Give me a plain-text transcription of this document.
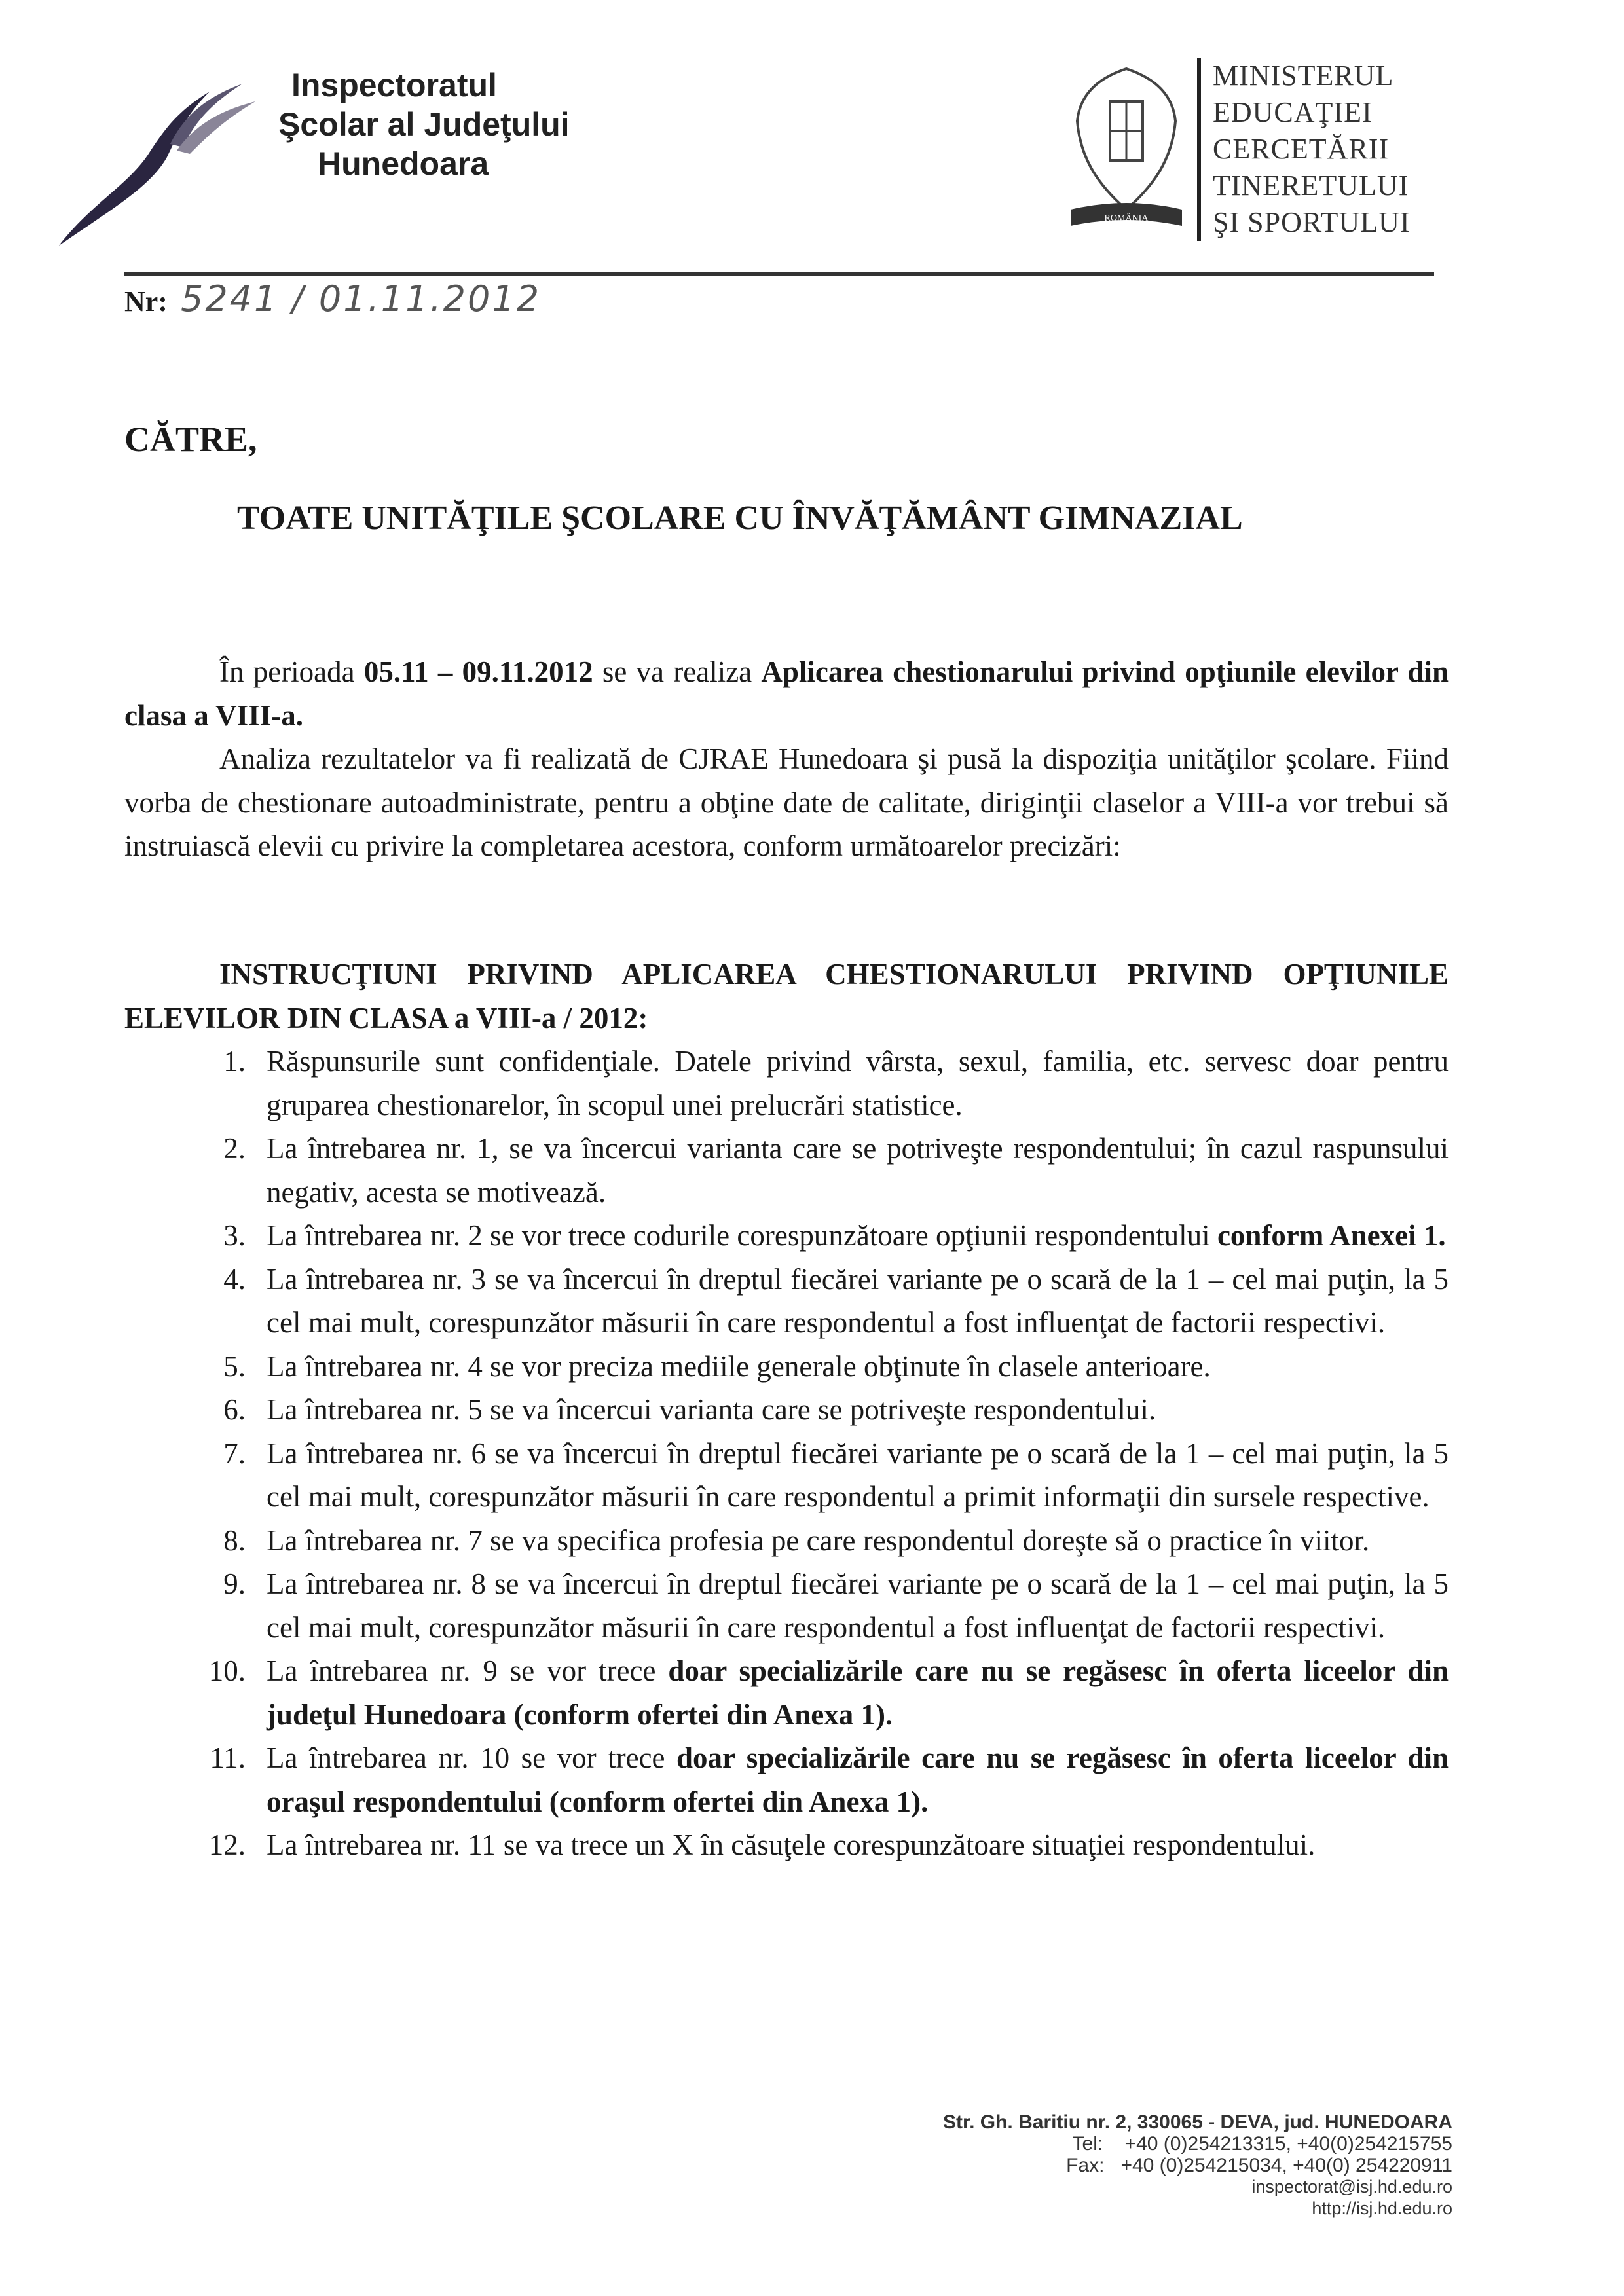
Inspectoratul
Şcolar al Judeţului
Hunedoara
ROMÂNIA
MINISTERUL
EDUCAŢIEI
CERCETĂRII
TINERETULUI
ŞI SPORTULUI
Nr: 5241 / 01.11.2012
CĂTRE,
TOATE UNITĂŢILE ŞCOLARE CU ÎNVĂŢĂMÂNT GIMNAZIAL
În perioada 05.11 – 09.11.2012 se va realiza Aplicarea chestionarului privind opţiunile elevilor din clasa a VIII-a.
Analiza rezultatelor va fi realizată de CJRAE Hunedoara şi pusă la dispoziţia unităţilor şcolare. Fiind vorba de chestionare autoadministrate, pentru a obţine date de calitate, diriginţii claselor a VIII-a vor trebui să instruiască elevii cu privire la completarea acestora, conform următoarelor precizări:
INSTRUCŢIUNI PRIVIND APLICAREA CHESTIONARULUI PRIVIND OPŢIUNILE ELEVILOR DIN CLASA a VIII-a / 2012:
1. Răspunsurile sunt confidenţiale. Datele privind vârsta, sexul, familia, etc. servesc doar pentru gruparea chestionarelor, în scopul unei prelucrări statistice.
2. La întrebarea nr. 1, se va încercui varianta care se potriveşte respondentului; în cazul raspunsului negativ, acesta se motivează.
3. La întrebarea nr. 2 se vor trece codurile corespunzătoare opţiunii respondentului conform Anexei 1.
4. La întrebarea nr. 3 se va încercui în dreptul fiecărei variante pe o scară de la 1 – cel mai puţin, la 5 cel mai mult, corespunzător măsurii în care respondentul a fost influenţat de factorii respectivi.
5. La întrebarea nr. 4 se vor preciza mediile generale obţinute în clasele anterioare.
6. La întrebarea nr. 5 se va încercui varianta care se potriveşte respondentului.
7. La întrebarea nr. 6 se va încercui în dreptul fiecărei variante pe o scară de la 1 – cel mai puţin, la 5 cel mai mult, corespunzător măsurii în care respondentul a primit informaţii din sursele respective.
8. La întrebarea nr. 7 se va specifica profesia pe care respondentul doreşte să o practice în viitor.
9. La întrebarea nr. 8 se va încercui în dreptul fiecărei variante pe o scară de la 1 – cel mai puţin, la 5 cel mai mult, corespunzător măsurii în care respondentul a fost influenţat de factorii respectivi.
10. La întrebarea nr. 9 se vor trece doar specializările care nu se regăsesc în oferta liceelor din judeţul Hunedoara (conform ofertei din Anexa 1).
11. La întrebarea nr. 10 se vor trece doar specializările care nu se regăsesc în oferta liceelor din oraşul respondentului (conform ofertei din Anexa 1).
12. La întrebarea nr. 11 se va trece un X în căsuţele corespunzătoare situaţiei respondentului.
Str. Gh. Baritiu nr. 2, 330065 - DEVA, jud. HUNEDOARA
Tel:    +40 (0)254213315, +40(0)254215755
Fax:   +40 (0)254215034, +40(0) 254220911
inspectorat@isj.hd.edu.ro
http://isj.hd.edu.ro
